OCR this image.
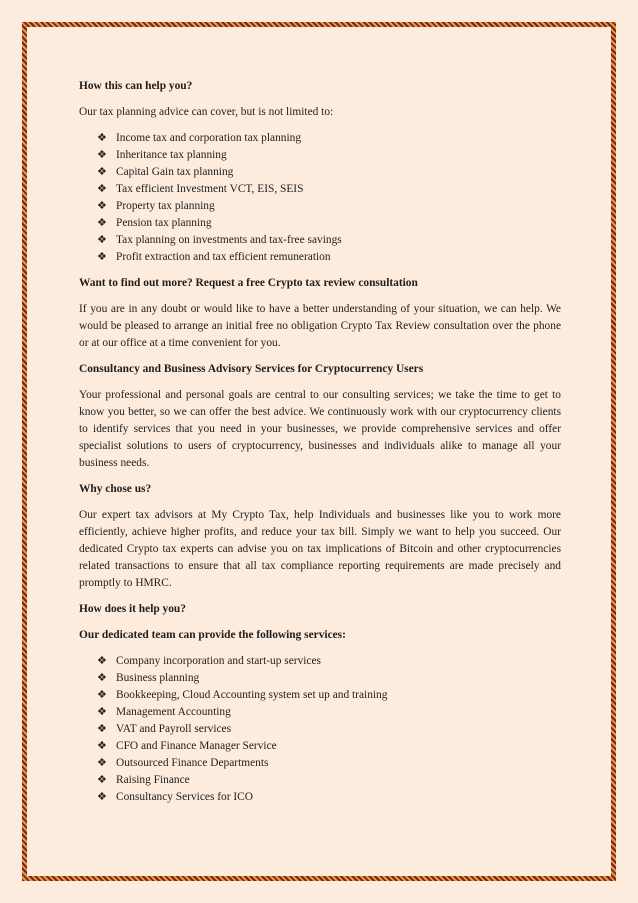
How this can help you?

Our tax planning advice can cover, but is not limited to:

❖ Income tax and corporation tax planning
❖ Inheritance tax planning
❖ Capital Gain tax planning
❖ Tax efficient Investment VCT, EIS, SEIS
❖ Property tax planning
❖ Pension tax planning
❖ Tax planning on investments and tax-free savings
❖ Profit extraction and tax efficient remuneration

Want to find out more? Request a free Crypto tax review consultation

If you are in any doubt or would like to have a better understanding of your situation, we can help. We would be pleased to arrange an initial free no obligation Crypto Tax Review consultation over the phone or at our office at a time convenient for you.

Consultancy and Business Advisory Services for Cryptocurrency Users

Your professional and personal goals are central to our consulting services; we take the time to get to know you better, so we can offer the best advice. We continuously work with our cryptocurrency clients to identify services that you need in your businesses, we provide comprehensive services and offer specialist solutions to users of cryptocurrency, businesses and individuals alike to manage all your business needs.

Why chose us?

Our expert tax advisors at My Crypto Tax, help Individuals and businesses like you to work more efficiently, achieve higher profits, and reduce your tax bill. Simply we want to help you succeed. Our dedicated Crypto tax experts can advise you on tax implications of Bitcoin and other cryptocurrencies related transactions to ensure that all tax compliance reporting requirements are made precisely and promptly to HMRC.

How does it help you?

Our dedicated team can provide the following services:

❖ Company incorporation and start-up services
❖ Business planning
❖ Bookkeeping, Cloud Accounting system set up and training
❖ Management Accounting
❖ VAT and Payroll services
❖ CFO and Finance Manager Service
❖ Outsourced Finance Departments
❖ Raising Finance
❖ Consultancy Services for ICO
